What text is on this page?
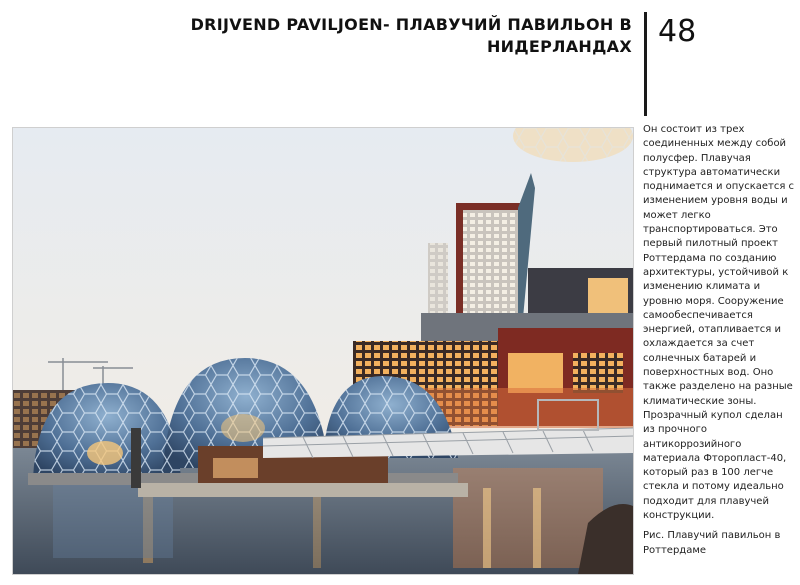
DRIJVEND PAVILJOEN- ПЛАВУЧИЙ ПАВИЛЬОН В
НИДЕРЛАНДАХ 48

Он состоит из трех соединенных между собой полусфер. Плавучая структура автоматически поднимается и опускается с изменением уровня воды и может легко транспортироваться. Это первый пилотный проект Роттердама по созданию архитектуры, устойчивой к изменению климата и уровню моря. Сооружение самообеспечивается энергией, отапливается и охлаждается за счет солнечных батарей и поверхностных вод. Оно также разделено на разные климатические зоны. Прозрачный купол сделан из прочного антикоррозийного материала Фторопласт-40, который раз в 100 легче стекла и потому идеально подходит для плавучей конструкции.

Рис. Плавучий павильон в Роттердаме
